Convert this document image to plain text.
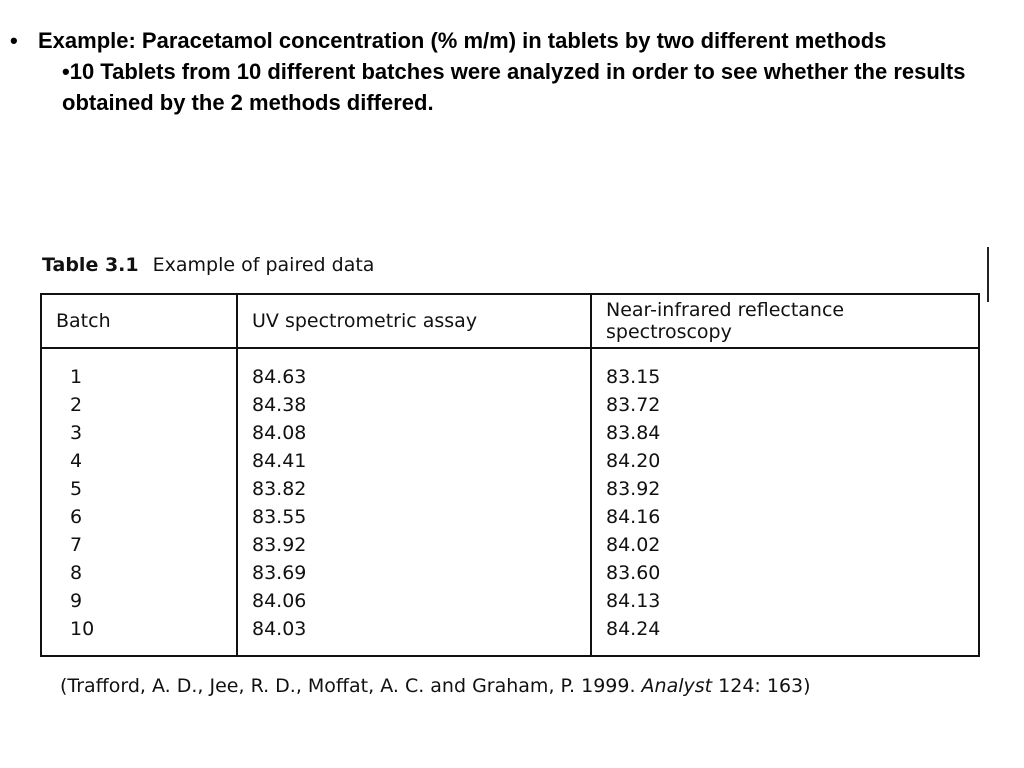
• Example: Paracetamol concentration (% m/m) in tablets by two different methods
•10 Tablets from 10 different batches were analyzed in order to see whether the results obtained by the 2 methods differed.
Table 3.1 Example of paired data
Batch	UV spectrometric assay	Near-infrared reflectance spectroscopy
1	84.63	83.15
2	84.38	83.72
3	84.08	83.84
4	84.41	84.20
5	83.82	83.92
6	83.55	84.16
7	83.92	84.02
8	83.69	83.60
9	84.06	84.13
10	84.03	84.24
(Trafford, A. D., Jee, R. D., Moffat, A. C. and Graham, P. 1999. Analyst 124: 163)
